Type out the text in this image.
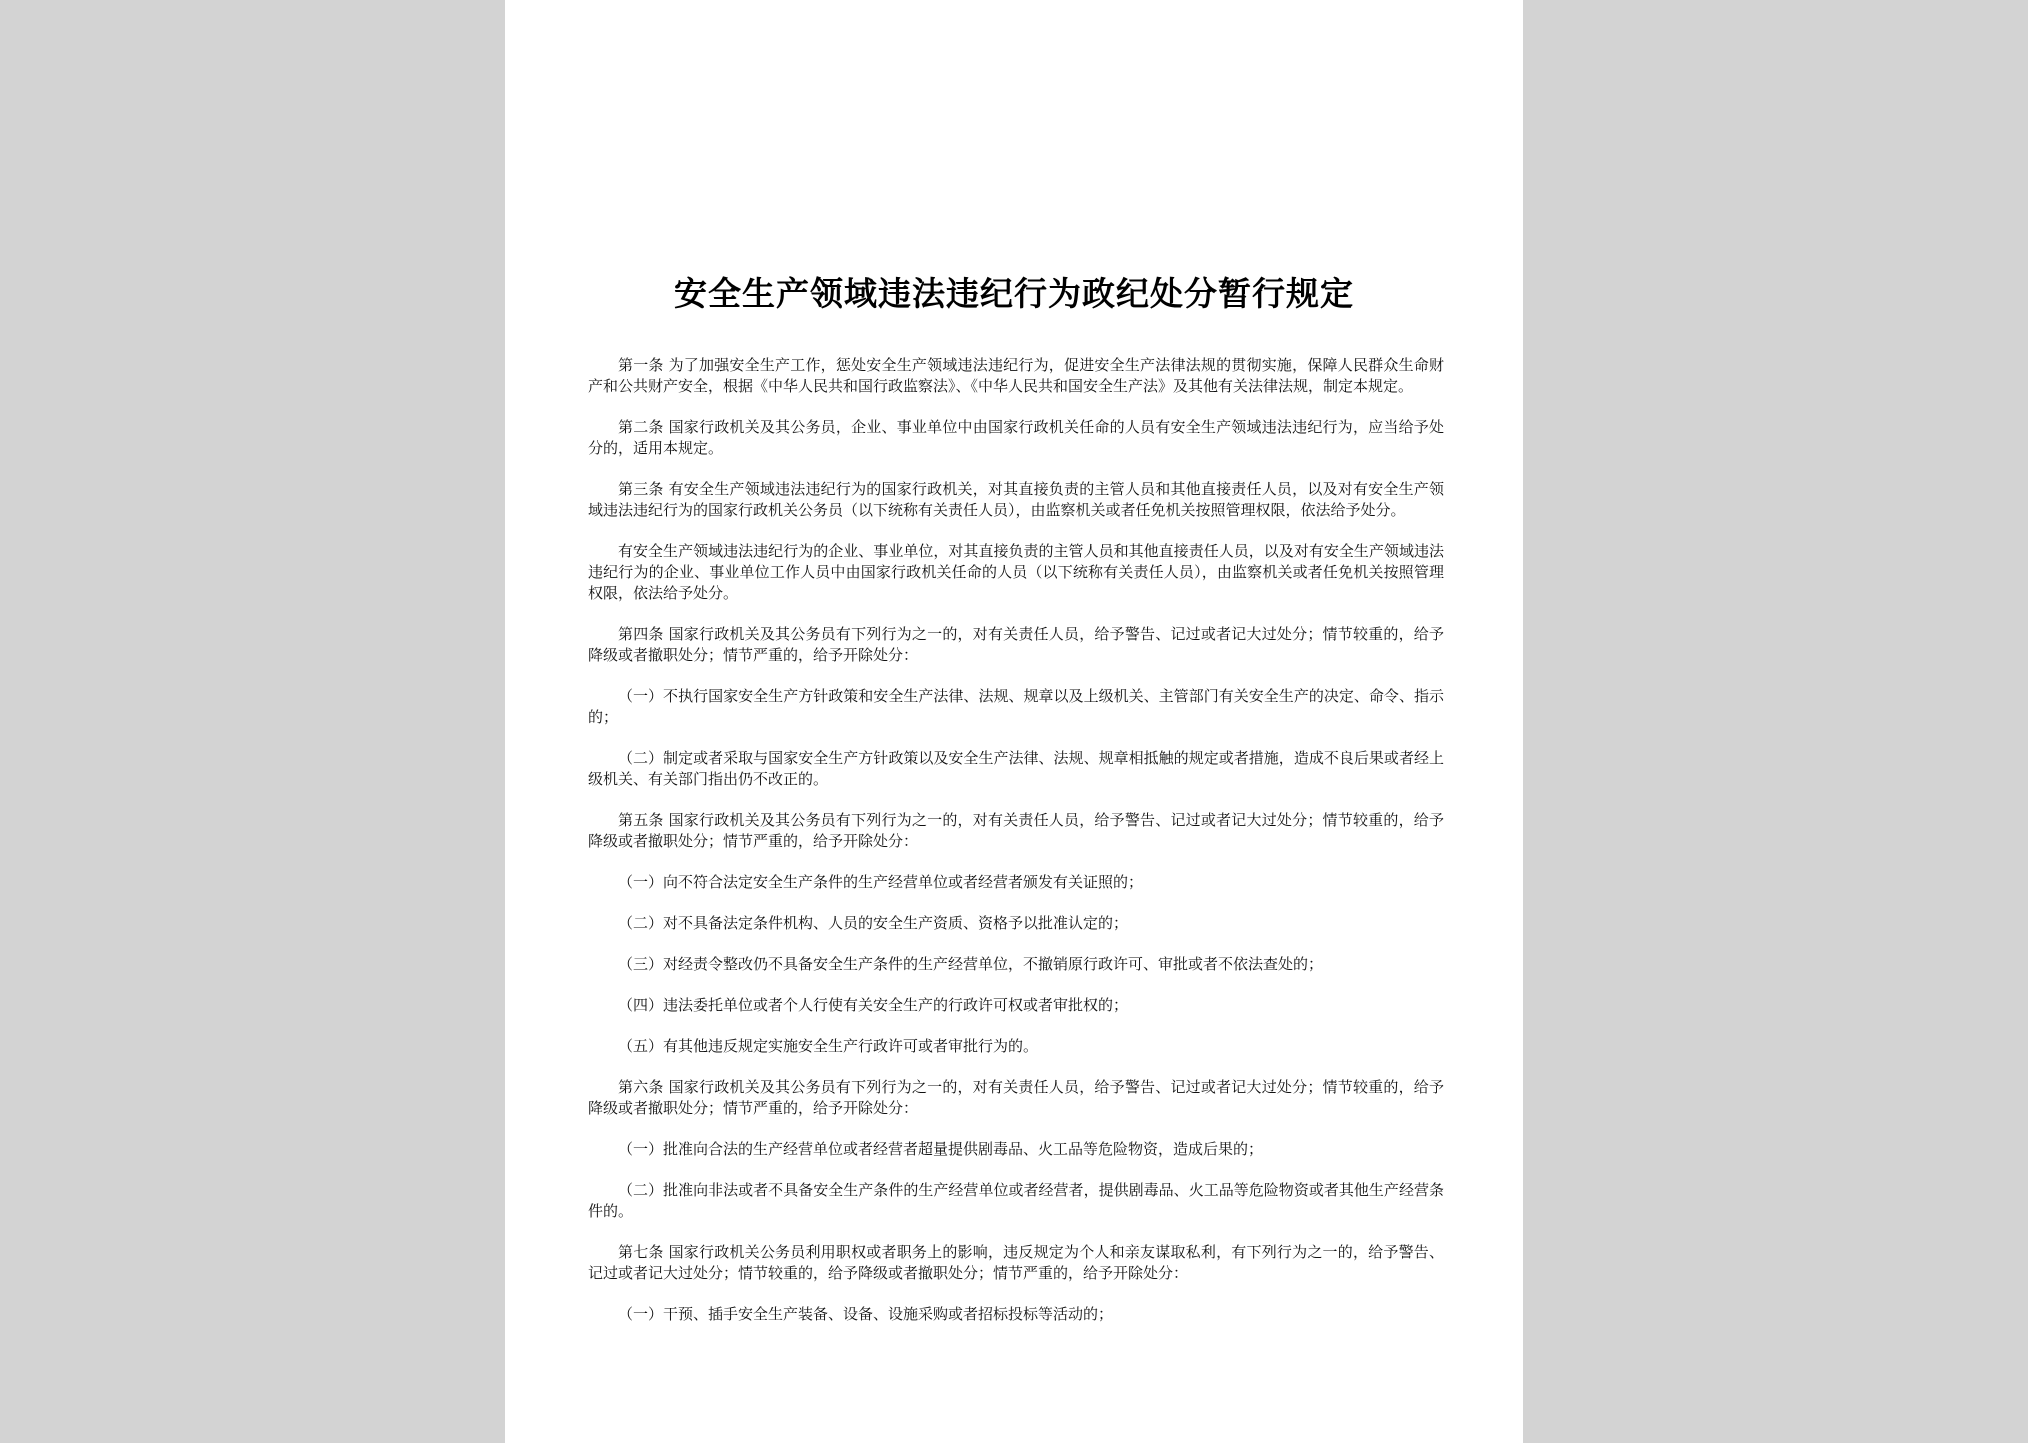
安全生产领域违法违纪行为政纪处分暂行规定

第一条 为了加强安全生产工作，惩处安全生产领域违法违纪行为，促进安全生产法律法规的贯彻实施，保障人民群众生命财产和公共财产安全，根据《中华人民共和国行政监察法》、《中华人民共和国安全生产法》及其他有关法律法规，制定本规定。

第二条 国家行政机关及其公务员，企业、事业单位中由国家行政机关任命的人员有安全生产领域违法违纪行为，应当给予处分的，适用本规定。

第三条 有安全生产领域违法违纪行为的国家行政机关，对其直接负责的主管人员和其他直接责任人员，以及对有安全生产领域违法违纪行为的国家行政机关公务员（以下统称有关责任人员），由监察机关或者任免机关按照管理权限，依法给予处分。

有安全生产领域违法违纪行为的企业、事业单位，对其直接负责的主管人员和其他直接责任人员，以及对有安全生产领域违法违纪行为的企业、事业单位工作人员中由国家行政机关任命的人员（以下统称有关责任人员），由监察机关或者任免机关按照管理权限，依法给予处分。

第四条 国家行政机关及其公务员有下列行为之一的，对有关责任人员，给予警告、记过或者记大过处分；情节较重的，给予降级或者撤职处分；情节严重的，给予开除处分：

（一）不执行国家安全生产方针政策和安全生产法律、法规、规章以及上级机关、主管部门有关安全生产的决定、命令、指示的；

（二）制定或者采取与国家安全生产方针政策以及安全生产法律、法规、规章相抵触的规定或者措施，造成不良后果或者经上级机关、有关部门指出仍不改正的。

第五条 国家行政机关及其公务员有下列行为之一的，对有关责任人员，给予警告、记过或者记大过处分；情节较重的，给予降级或者撤职处分；情节严重的，给予开除处分：

（一）向不符合法定安全生产条件的生产经营单位或者经营者颁发有关证照的；

（二）对不具备法定条件机构、人员的安全生产资质、资格予以批准认定的；

（三）对经责令整改仍不具备安全生产条件的生产经营单位，不撤销原行政许可、审批或者不依法查处的；

（四）违法委托单位或者个人行使有关安全生产的行政许可权或者审批权的；

（五）有其他违反规定实施安全生产行政许可或者审批行为的。

第六条 国家行政机关及其公务员有下列行为之一的，对有关责任人员，给予警告、记过或者记大过处分；情节较重的，给予降级或者撤职处分；情节严重的，给予开除处分：

（一）批准向合法的生产经营单位或者经营者超量提供剧毒品、火工品等危险物资，造成后果的；

（二）批准向非法或者不具备安全生产条件的生产经营单位或者经营者，提供剧毒品、火工品等危险物资或者其他生产经营条件的。

第七条 国家行政机关公务员利用职权或者职务上的影响，违反规定为个人和亲友谋取私利，有下列行为之一的，给予警告、记过或者记大过处分；情节较重的，给予降级或者撤职处分；情节严重的，给予开除处分：

（一）干预、插手安全生产装备、设备、设施采购或者招标投标等活动的；
